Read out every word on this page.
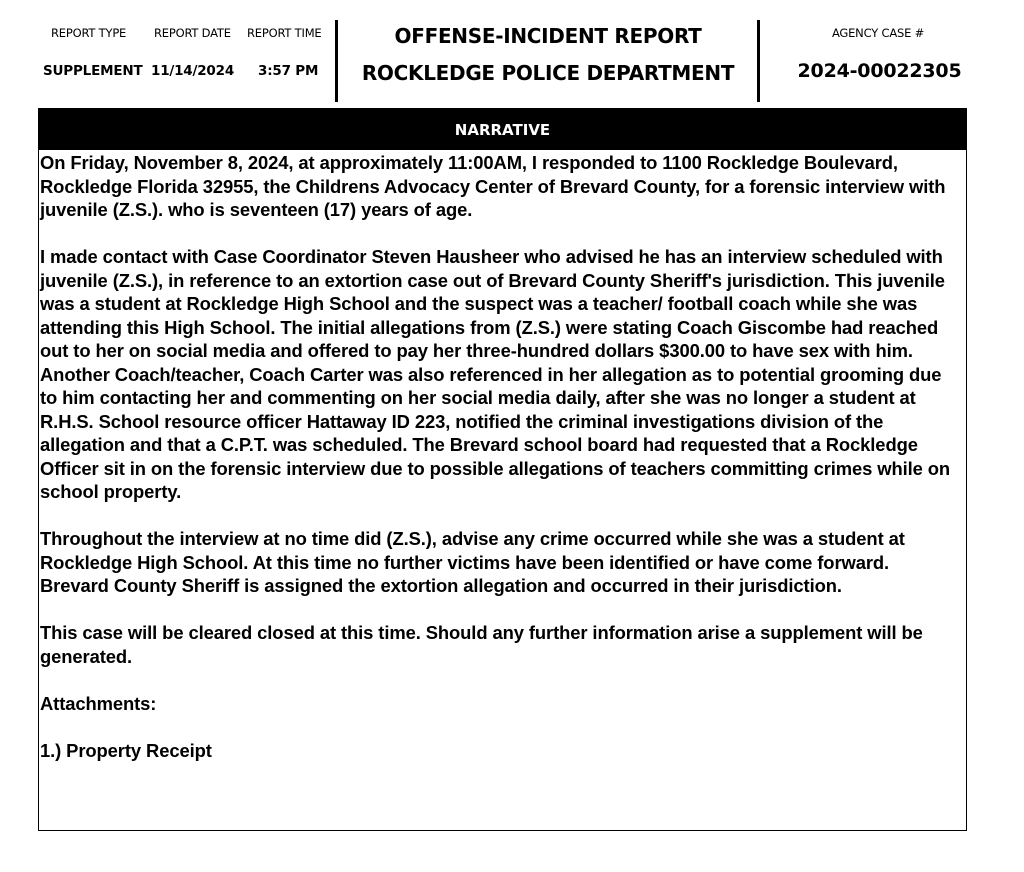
REPORT TYPE
SUPPLEMENT
REPORT DATE
11/14/2024
REPORT TIME
3:57 PM
OFFENSE-INCIDENT REPORT
ROCKLEDGE POLICE DEPARTMENT
AGENCY CASE #
2024-00022305
NARRATIVE

On Friday, November 8, 2024, at approximately 11:00AM, I responded to 1100 Rockledge Boulevard, Rockledge Florida 32955, the Childrens Advocacy Center of Brevard County, for a forensic interview with juvenile (Z.S.). who is seventeen (17) years of age.

I made contact with Case Coordinator Steven Hausheer who advised he has an interview scheduled with juvenile (Z.S.), in reference to an extortion case out of Brevard County Sheriff's jurisdiction. This juvenile was a student at Rockledge High School and the suspect was a teacher/ football coach while she was attending this High School. The initial allegations from (Z.S.) were stating Coach Giscombe had reached out to her on social media and offered to pay her three-hundred dollars $300.00 to have sex with him. Another Coach/teacher, Coach Carter was also referenced in her allegation as to potential grooming due to him contacting her and commenting on her social media daily, after she was no longer a student at R.H.S. School resource officer Hattaway ID 223, notified the criminal investigations division of the allegation and that a C.P.T. was scheduled. The Brevard school board had requested that a Rockledge Officer sit in on the forensic interview due to possible allegations of teachers committing crimes while on school property.

Throughout the interview at no time did (Z.S.), advise any crime occurred while she was a student at Rockledge High School. At this time no further victims have been identified or have come forward. Brevard County Sheriff is assigned the extortion allegation and occurred in their jurisdiction.

This case will be cleared closed at this time. Should any further information arise a supplement will be generated.

Attachments:

1.) Property Receipt
